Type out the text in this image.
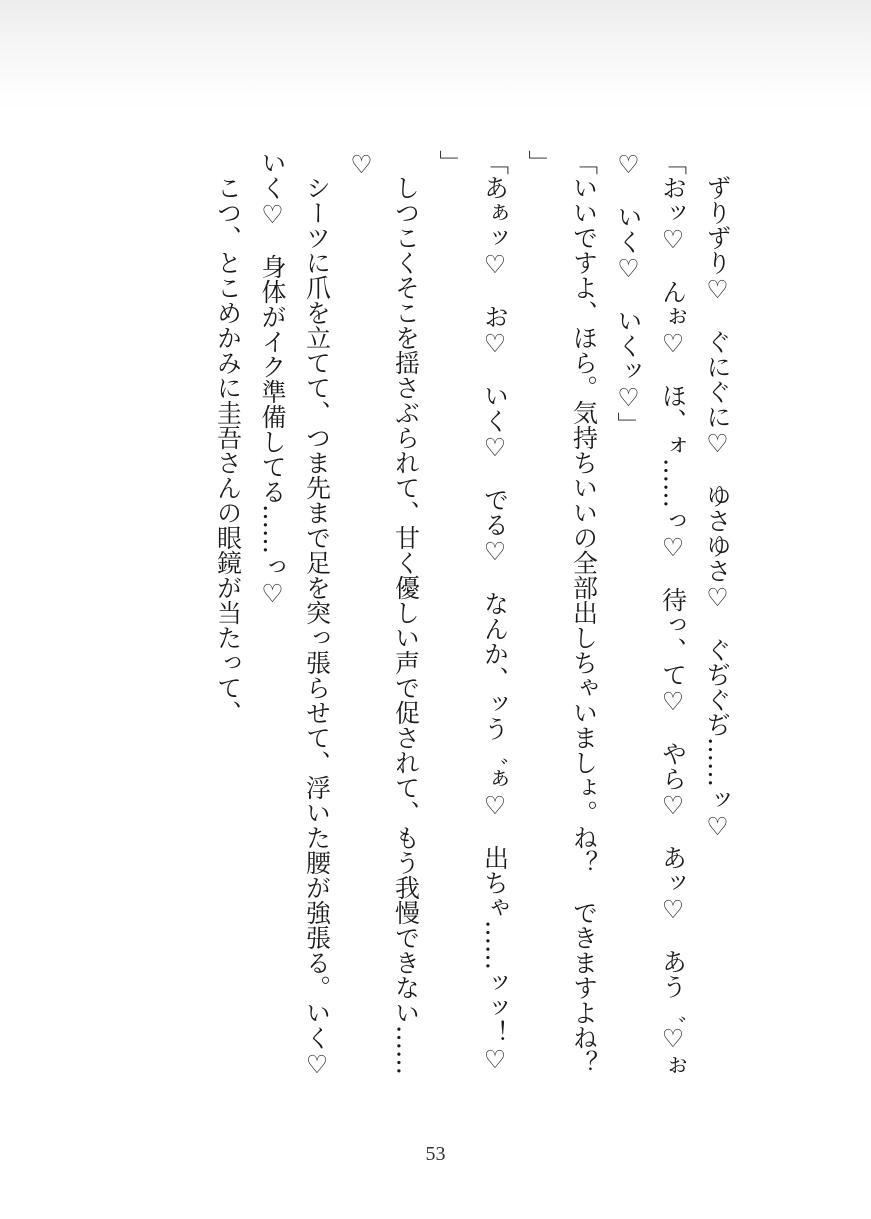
　ずりずり♡　ぐにぐに♡　ゆさゆさ♡　ぐぢぐぢ……ッ♡
「おッ♡　んぉ♡　ほ、ォ……っ♡　待っ、て♡　やら♡　あッ♡　あう゛♡ぉ♡　いく♡　いくッ♡」
「いいですよ、ほら。気持ちいいの全部出しちゃいましょ。ね？　できますよね？」
「あぁッ♡　お♡　いく♡　でる♡　なんか、ッう゛ぁ♡　出ちゃ……ッッ！♡」
　しつこくそこを揺さぶられて、甘く優しい声で促されて、もう我慢できない……♡
　シーツに爪を立てて、つま先まで足を突っ張らせて、浮いた腰が強張る。いく♡　いく♡　身体がイク準備してる……っ♡
　こつ、とこめかみに圭吾さんの眼鏡が当たって、
53
